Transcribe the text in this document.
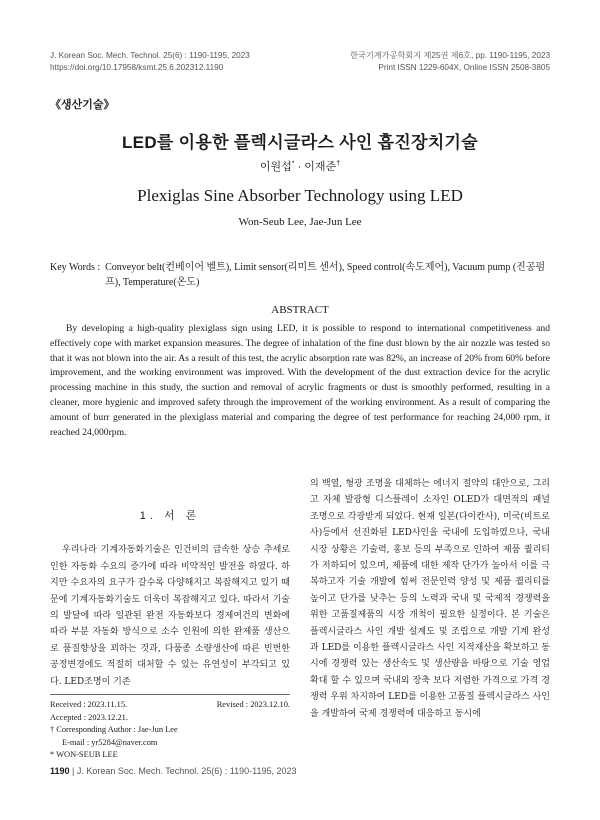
J. Korean Soc. Mech. Technol. 25(6) : 1190-1195, 2023
https://doi.org/10.17958/ksmt.25.6.202312.1190
한국기계가공학회지 제25권 제6호, pp. 1190-1195, 2023
Print ISSN 1229-604X, Online ISSN 2508-3805
《생산기술》
LED를 이용한 플렉시글라스 사인 흡진장치기술
이원섭* · 이재준†
Plexiglas Sine Absorber Technology using LED
Won-Seub Lee, Jae-Jun Lee
Key Words : Conveyor belt(컨베이어 벨트), Limit sensor(리미트 센서), Speed control(속도제어), Vacuum pump (진공펌프), Temperature(온도)
ABSTRACT

By developing a high-quality plexiglass sign using LED, it is possible to respond to international competitiveness and effectively cope with market expansion measures. The degree of inhalation of the fine dust blown by the air nozzle was tested so that it was not blown into the air. As a result of this test, the acrylic absorption rate was 82%, an increase of 20% from 60% before improvement, and the working environment was improved. With the development of the dust extraction device for the acrylic processing machine in this study, the suction and removal of acrylic fragments or dust is smoothly performed, resulting in a cleaner, more hygienic and improved safety through the improvement of the working environment. As a result of comparing the amount of burr generated in the plexiglass material and comparing the degree of test performance for reaching 24,000 rpm, it reached 24,000rpm.

1. 서 론

우리나라 기계자동화기술은 인건비의 급속한 상승 추세로 인한 자동화 수요의 증가에 따라 비약적인 발전을 하였다. 하지만 수요자의 요구가 갈수록 다양해지고 복잡해지고 있기 때문에 기계자동화기술도 더욱더 복잡해지고 있다. 따라서 기술의 발달에 따라 일관된 완전 자동화보다 경제여건의 변화에 따라 부분 자동화 방식으로 소수 인원에 의한 완제품 생산으로 품질향상을 꾀하는 것과, 다품종 소량생산에 따른 빈번한 공정변경에도 적절히 대처할 수 있는 유연성이 부각되고 있다. LED조명이 기존

의 백열, 형광 조명을 대체하는 에너지 절약의 대안으로, 그리고 자체 발광형 디스플레이 소자인 OLED가 대면적의 패널 조명으로 각광받게 되었다. 현재 일본(다이칸사), 미국(비트로사)등에서 선진화된 LED사인을 국내에 도입하였으나, 국내 시장 상황은 기술력, 홍보 등의 부족으로 인하여 제품 퀄리티가 저하되어 있으며, 제품에 대한 제작 단가가 높아서 이를 극복하고자 기술 개발에 힘써 전문인력 양성 및 제품 퀄리티를 높이고 단가를 낮추는 등의 노력과 국내 및 국제적 경쟁력을 위한 고품질제품의 시장 개척이 필요한 실정이다. 본 기술은 플렉시글라스 사인 개발 설계도 및 조립으로 개발 기계 완성과 LED를 이용한 플렉시글라스 사인 지적재산을 확보하고 동시에 경쟁력 있는 생산속도 및 생산량을 바탕으로 기술 영업 확대 할 수 있으며 국내외 장축 보다 저렴한 가격으로 가격 경쟁력 우위 차지하여 LED를 이용한 고품질 플렉시글라스 사인을 개발하여 국제 경쟁력에 대응하고 동시에

Received : 2023.11.15.	Revised : 2023.12.10.
Accepted : 2023.12.21.
† Corresponding Author : Jae-Jun Lee
E-mail : yr5284@naver.com
* WON-SEUB LEE
1190 | J. Korean Soc. Mech. Technol. 25(6) : 1190-1195, 2023
